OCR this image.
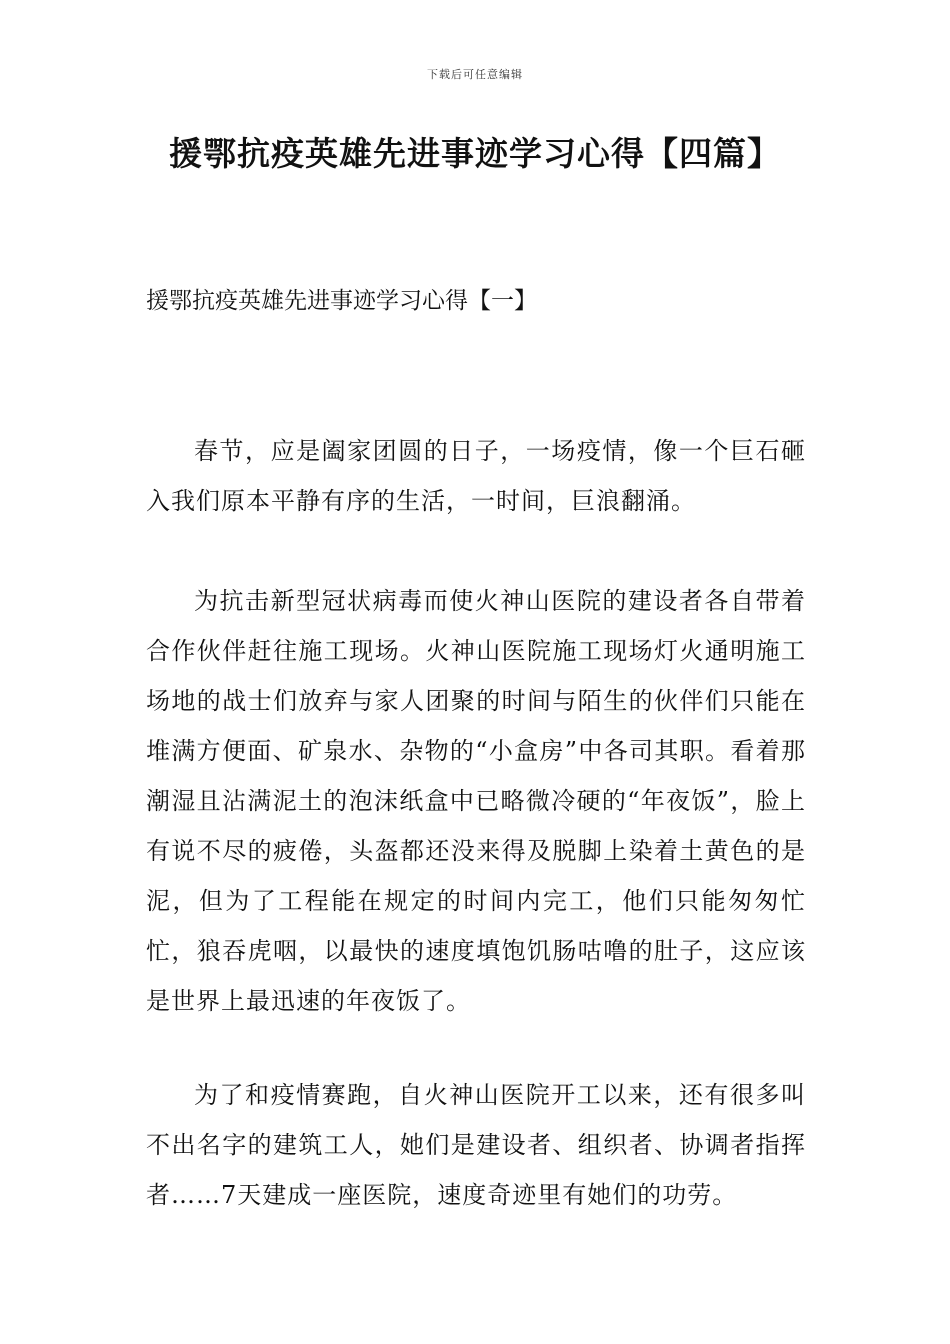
下载后可任意编辑
援鄂抗疫英雄先进事迹学习心得【四篇】
援鄂抗疫英雄先进事迹学习心得【一】

春节，应是阖家团圆的日子，一场疫情，像一个巨石砸入我们原本平静有序的生活，一时间，巨浪翻涌。

为抗击新型冠状病毒而使火神山医院的建设者各自带着合作伙伴赶往施工现场。火神山医院施工现场灯火通明施工场地的战士们放弃与家人团聚的时间与陌生的伙伴们只能在堆满方便面、矿泉水、杂物的“小盒房”中各司其职。看着那潮湿且沾满泥土的泡沫纸盒中已略微冷硬的“年夜饭”，脸上有说不尽的疲倦，头盔都还没来得及脱脚上染着土黄色的是泥，但为了工程能在规定的时间内完工，他们只能匆匆忙忙，狼吞虎咽，以最快的速度填饱饥肠咕噜的肚子，这应该是世界上最迅速的年夜饭了。

为了和疫情赛跑，自火神山医院开工以来，还有很多叫不出名字的建筑工人，她们是建设者、组织者、协调者指挥者……7天建成一座医院，速度奇迹里有她们的功劳。
